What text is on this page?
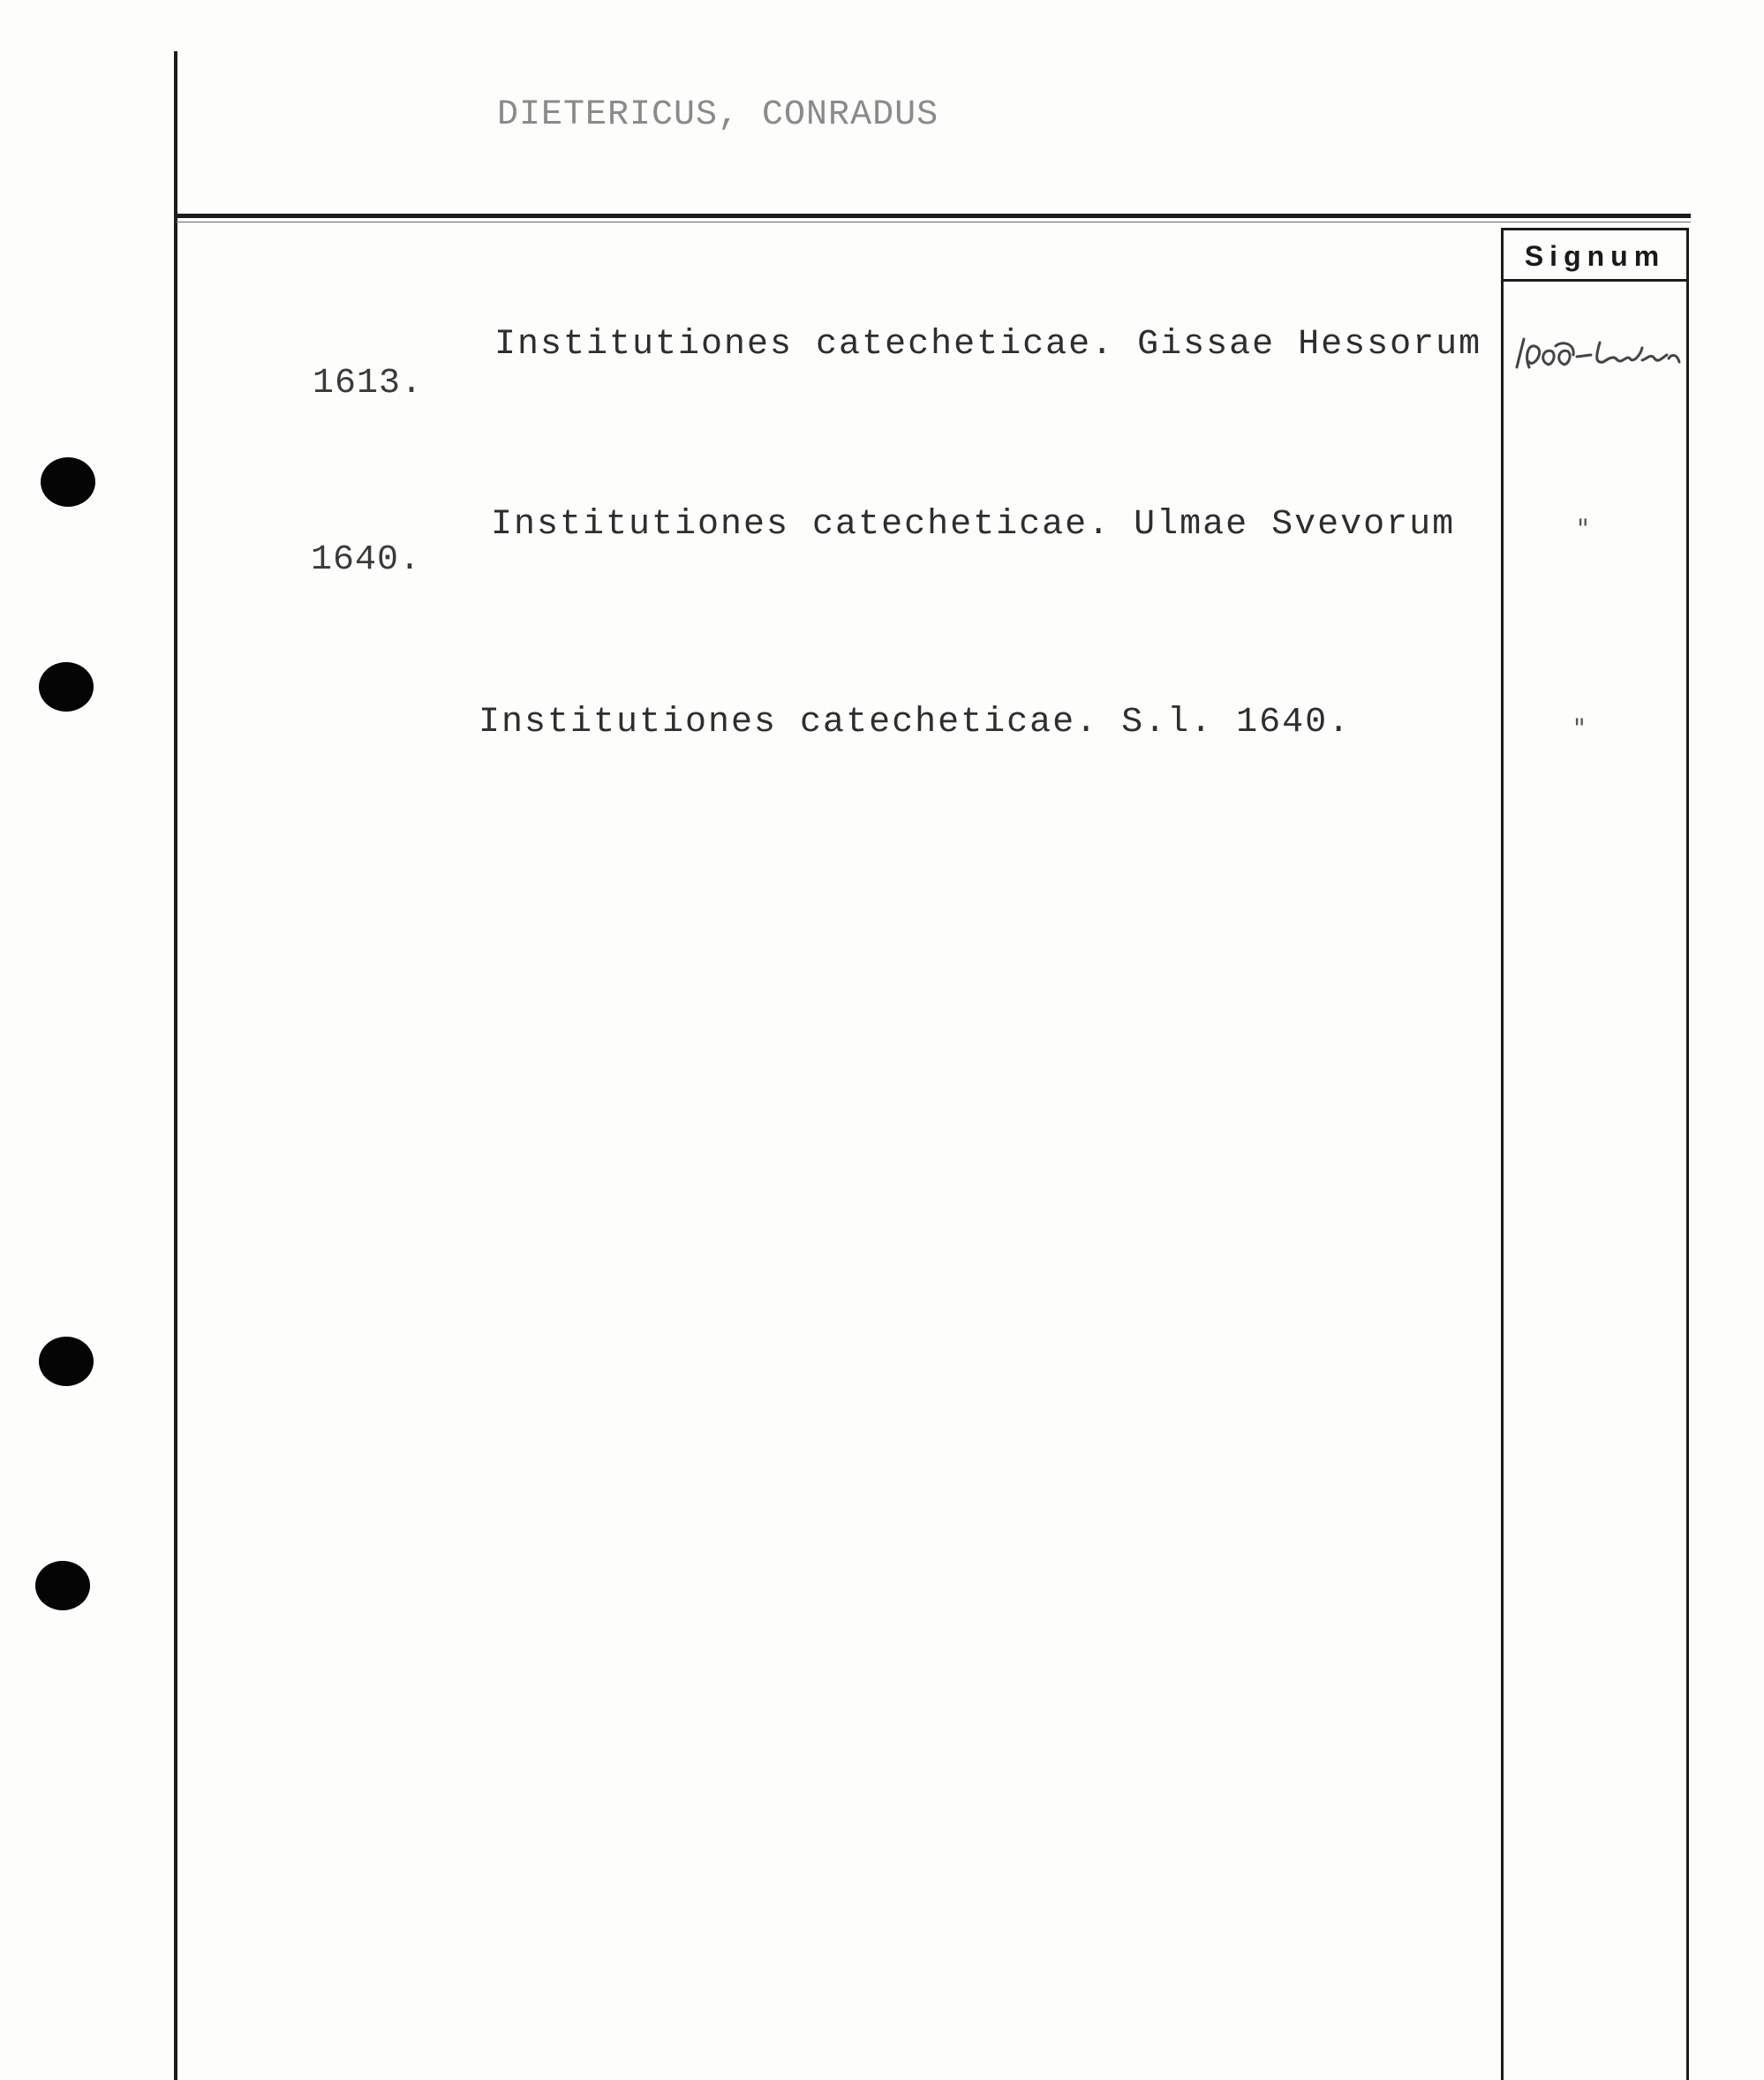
Signum
DIETERICUS, CONRADUS
Institutiones catecheticae. Gissae Hessorum
1613.
Institutiones catecheticae. Ulmae Svevorum
1640.
"
Institutiones catecheticae. S.l. 1640.	"
